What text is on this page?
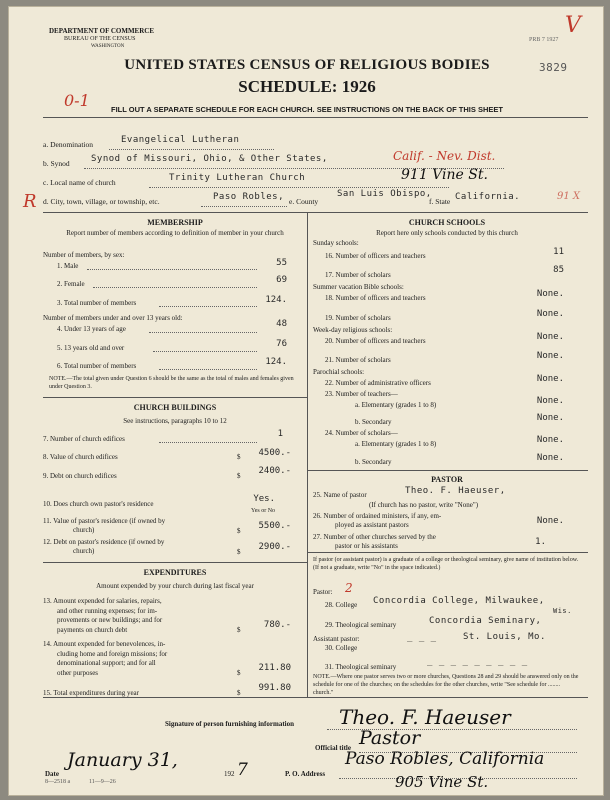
DEPARTMENT OF COMMERCE
BUREAU OF THE CENSUS
WASHINGTON
PRB 7 1927
V
3829
UNITED STATES CENSUS OF RELIGIOUS BODIES
SCHEDULE: 1926
0-1	FILL OUT A SEPARATE SCHEDULE FOR EACH CHURCH. SEE INSTRUCTIONS ON THE BACK OF THIS SHEET
a. Denomination	Evangelical Lutheran
b. Synod Synod of Missouri, Ohio, & Other States,	Calif. - Nev. Dist.
c. Local name of church	Trinity Lutheran Church	911 Vine St.
R d. City, town, village, or township, etc.	Paso Robles, e. County
San Luis Obispo,
f. State California.	91 X
MEMBERSHIP
Report number of members according to definition of member in your church
Number of members, by sex:
1. Male	55
2. Female	69
3. Total number of members	124.
Number of members under and over 13 years old:
4. Under 13 years of age	48
5. 13 years old and over	76
6. Total number of members	124.
NOTE.—The total given under Question 6 should be the same as the total of males and females given under Question 3.
CHURCH BUILDINGS
See instructions, paragraphs 10 to 12
7. Number of church edifices	1
8. Value of church edifices	$	4500.-
9. Debt on church edifices	$	2400.-
10. Does church own pastor's residence	Yes.
Yes or No
11. Value of pastor's residence (if owned by
church)	$	5500.-
12. Debt on pastor's residence (if owned by
church)	$	2900.-
EXPENDITURES
Amount expended by your church during last fiscal year
13. Amount expended for salaries, repairs,
and other running expenses; for im-
provements or new buildings; and for
payments on church debt	$	780.-
14. Amount expended for benevolences, in-
cluding home and foreign missions; for
denominational support; and for all
other purposes	$	211.80
15. Total expenditures during year	$	991.80
CHURCH SCHOOLS
Report here only schools conducted by this church
Sunday schools:
16. Number of officers and teachers	11
17. Number of scholars	85
Summer vacation Bible schools:
18. Number of officers and teachers	None.
19. Number of scholars	None.
Week-day religious schools:
20. Number of officers and teachers	None.
21. Number of scholars	None.
Parochial schools:
22. Number of administrative officers	None.
23. Number of teachers—
a. Elementary (grades 1 to 8)	None.
b. Secondary	None.
24. Number of scholars—
a. Elementary (grades 1 to 8)	None.
b. Secondary	None.
PASTOR
25. Name of pastor	Theo. F. Haeuser,
(If church has no pastor, write "None")
26. Number of ordained ministers, if any, em-
ployed as assistant pastors	None.
27. Number of other churches served by the
pastor or his assistants	1.
If pastor (or assistant pastor) is a graduate of a college or theological seminary, give name of institution below. (If not a graduate, write "No" in the space indicated.)
Pastor: 2
28. College Concordia College, Milwaukee,
Wis.
29. Theological seminary	Concordia Seminary,
Assistant pastor:	St. Louis, Mo.
30. College
_ _ _
31. Theological seminary	_ _ _ _ _ _ _ _ _
NOTE.—Where one pastor serves two or more churches, Questions 28 and 29 should be answered only on the schedule for one of the churches; on the schedules for the other churches, write "See schedule for ........ church."
Signature of person furnishing information Theo. F. Haeuser
Official title Pastor
Date
January 31,
192 7
8—2518 a	11—9—26
P. O. Address
Paso Robles, California
905 Vine St.
